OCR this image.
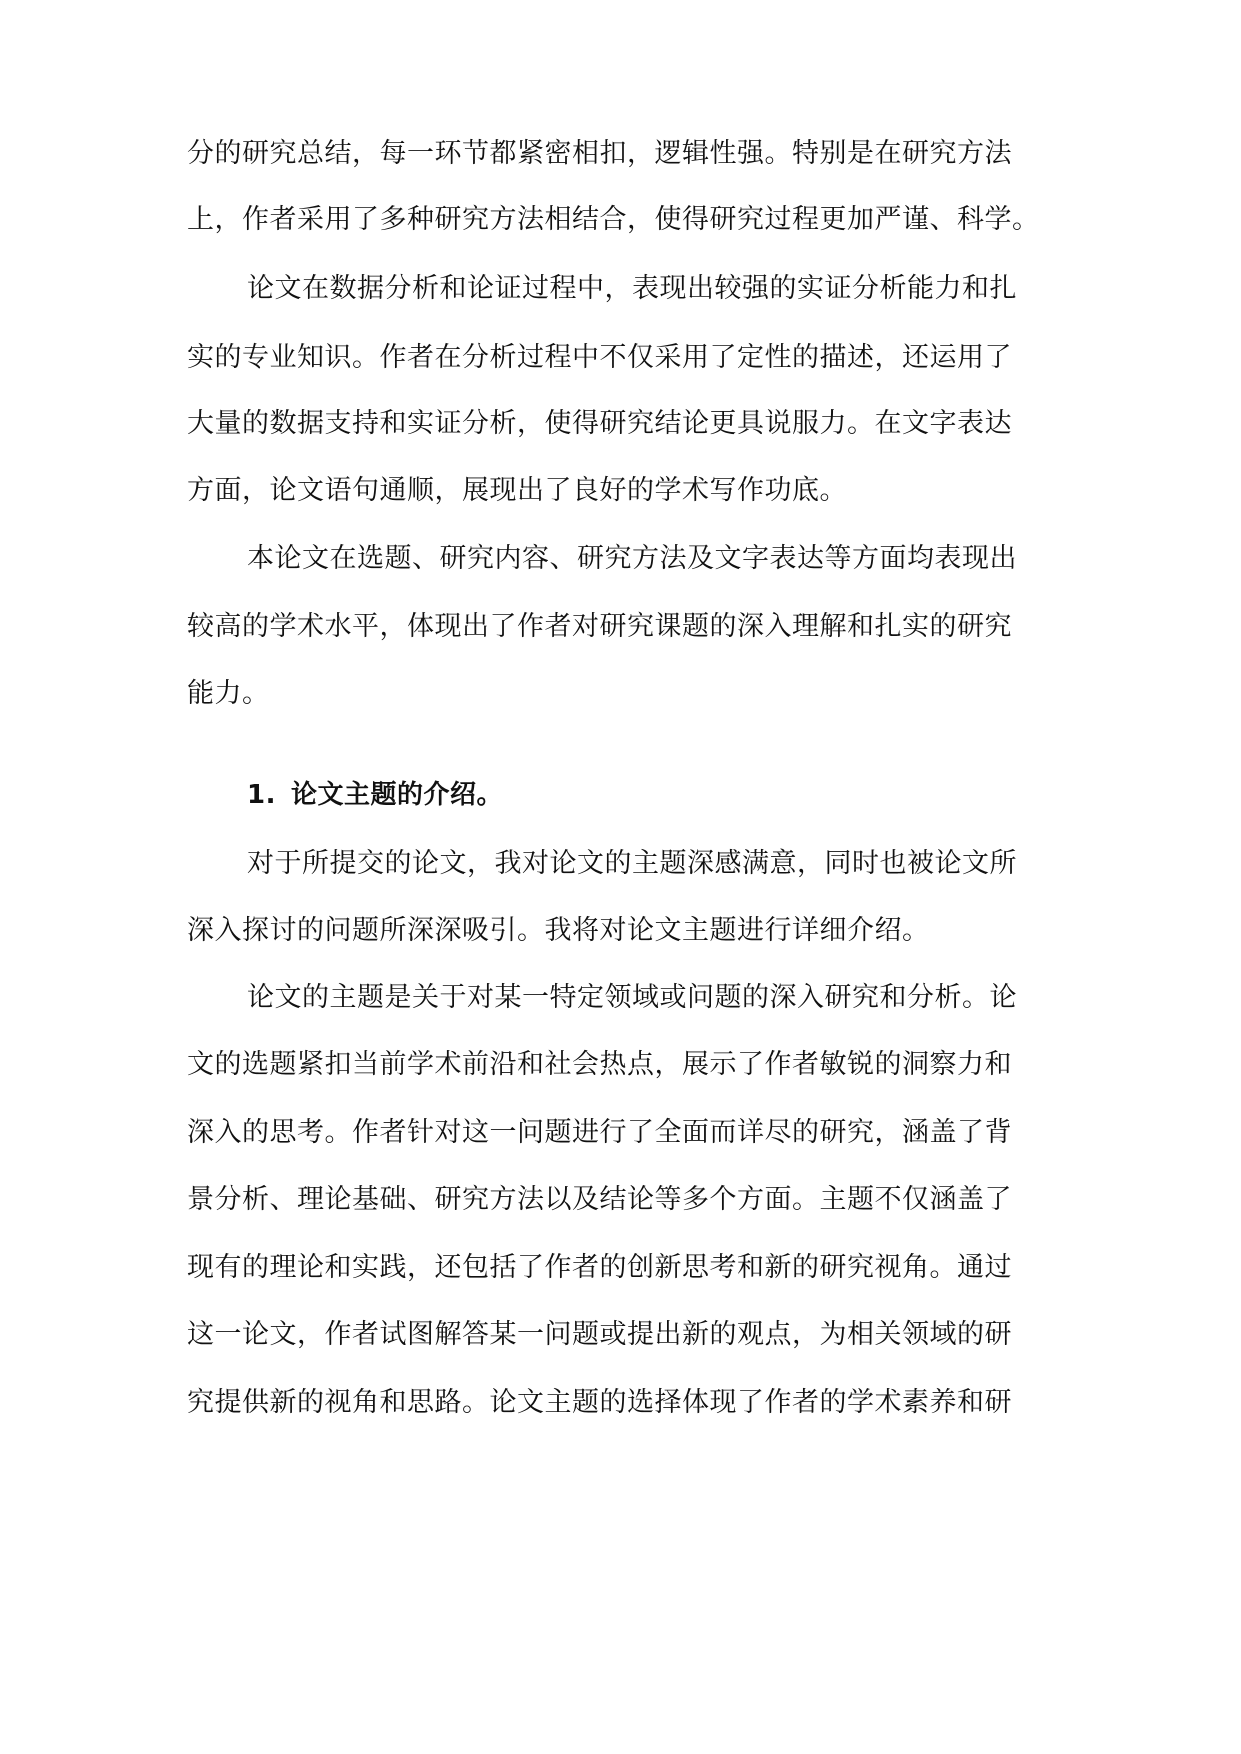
分的研究总结，每一环节都紧密相扣，逻辑性强。特别是在研究方法
上，作者采用了多种研究方法相结合，使得研究过程更加严谨、科学。
论文在数据分析和论证过程中，表现出较强的实证分析能力和扎
实的专业知识。作者在分析过程中不仅采用了定性的描述，还运用了
大量的数据支持和实证分析，使得研究结论更具说服力。在文字表达
方面，论文语句通顺，展现出了良好的学术写作功底。
本论文在选题、研究内容、研究方法及文字表达等方面均表现出
较高的学术水平，体现出了作者对研究课题的深入理解和扎实的研究
能力。
1. 论文主题的介绍。
对于所提交的论文，我对论文的主题深感满意，同时也被论文所
深入探讨的问题所深深吸引。我将对论文主题进行详细介绍。
论文的主题是关于对某一特定领域或问题的深入研究和分析。论
文的选题紧扣当前学术前沿和社会热点，展示了作者敏锐的洞察力和
深入的思考。作者针对这一问题进行了全面而详尽的研究，涵盖了背
景分析、理论基础、研究方法以及结论等多个方面。主题不仅涵盖了
现有的理论和实践，还包括了作者的创新思考和新的研究视角。通过
这一论文，作者试图解答某一问题或提出新的观点，为相关领域的研
究提供新的视角和思路。论文主题的选择体现了作者的学术素养和研
